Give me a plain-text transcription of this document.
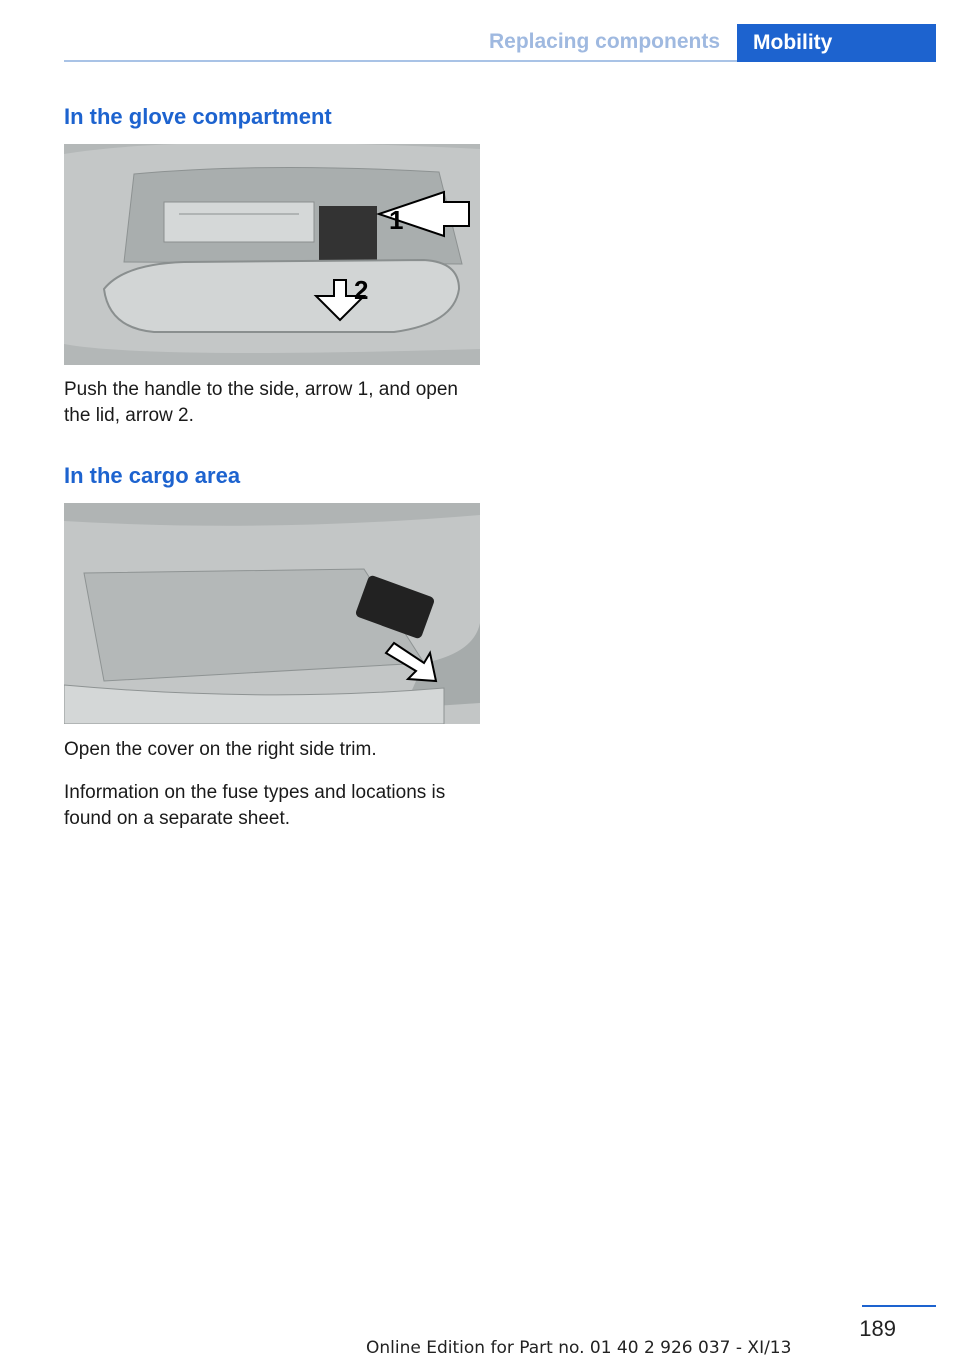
Replacing components	Mobility
In the glove compartment
1
2

Push the handle to the side, arrow 1, and open the lid, arrow 2.

In the cargo area

Open the cover on the right side trim.

Information on the fuse types and locations is found on a separate sheet.

189
Online Edition for Part no. 01 40 2 926 037 - XI/13
